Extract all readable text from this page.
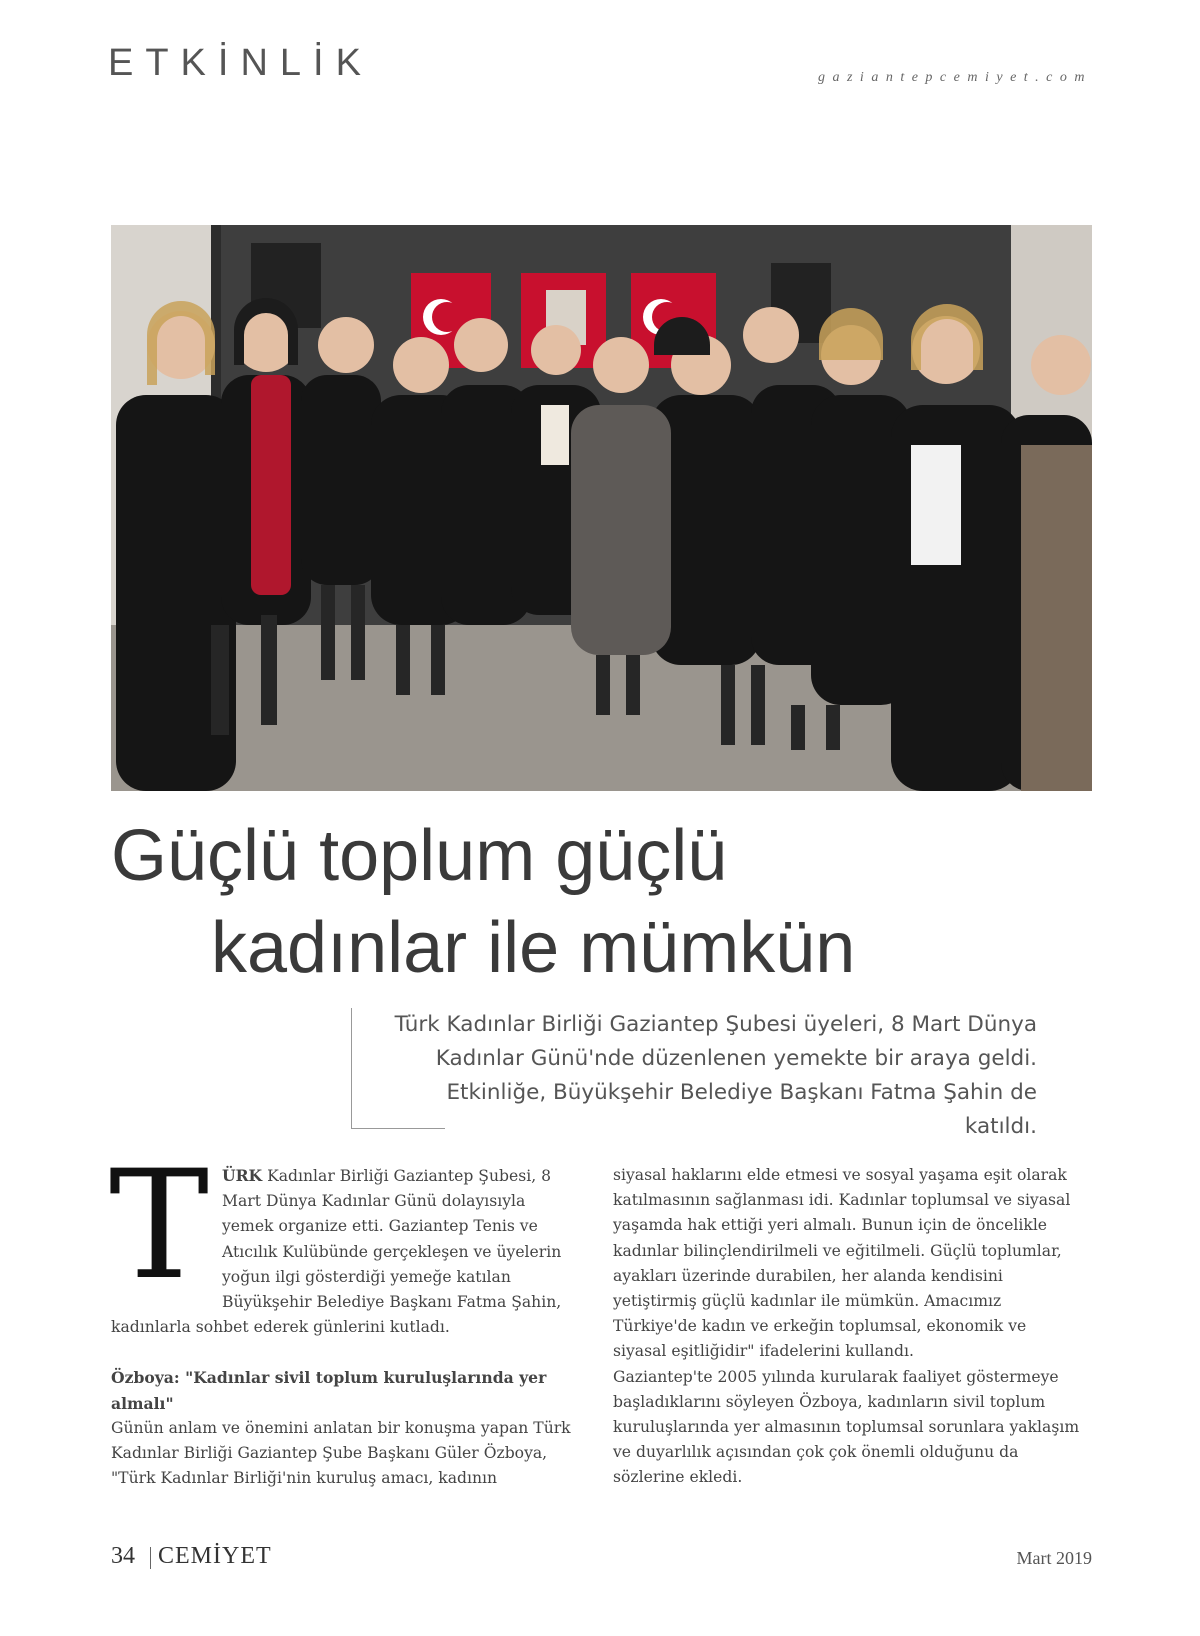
ETKİNLİK	gaziantepcemiyet.com
Güçlü toplum güçlü
kadınlar ile mümkün

Türk Kadınlar Birliği Gaziantep Şubesi üyeleri, 8 Mart Dünya Kadınlar Günü'nde düzenlenen yemekte bir araya geldi. Etkinliğe, Büyükşehir Belediye Başkanı Fatma Şahin de katıldı.

TÜRK Kadınlar Birliği Gaziantep Şubesi, 8 Mart Dünya Kadınlar Günü dolayısıyla yemek organize etti. Gaziantep Tenis ve Atıcılık Kulübünde gerçekleşen ve üyelerin yoğun ilgi gösterdiği yemeğe katılan Büyükşehir Belediye Başkanı Fatma Şahin, kadınlarla sohbet ederek günlerini kutladı.

Özboya: "Kadınlar sivil toplum kuruluşlarında yer almalı"

Günün anlam ve önemini anlatan bir konuşma yapan Türk Kadınlar Birliği Gaziantep Şube Başkanı Güler Özboya, "Türk Kadınlar Birliği'nin kuruluş amacı, kadının

siyasal haklarını elde etmesi ve sosyal yaşama eşit olarak katılmasının sağlanması idi. Kadınlar toplumsal ve siyasal yaşamda hak ettiği yeri almalı. Bunun için de öncelikle kadınlar bilinçlendirilmeli ve eğitilmeli. Güçlü toplumlar, ayakları üzerinde durabilen, her alanda kendisini yetiştirmiş güçlü kadınlar ile mümkün. Amacımız Türkiye'de kadın ve erkeğin toplumsal, ekonomik ve siyasal eşitliğidir" ifadelerini kullandı.

Gaziantep'te 2005 yılında kurularak faaliyet göstermeye başladıklarını söyleyen Özboya, kadınların sivil toplum kuruluşlarında yer almasının toplumsal sorunlara yaklaşım ve duyarlılık açısından çok çok önemli olduğunu da sözlerine ekledi.

34 CEMİYET	Mart 2019
